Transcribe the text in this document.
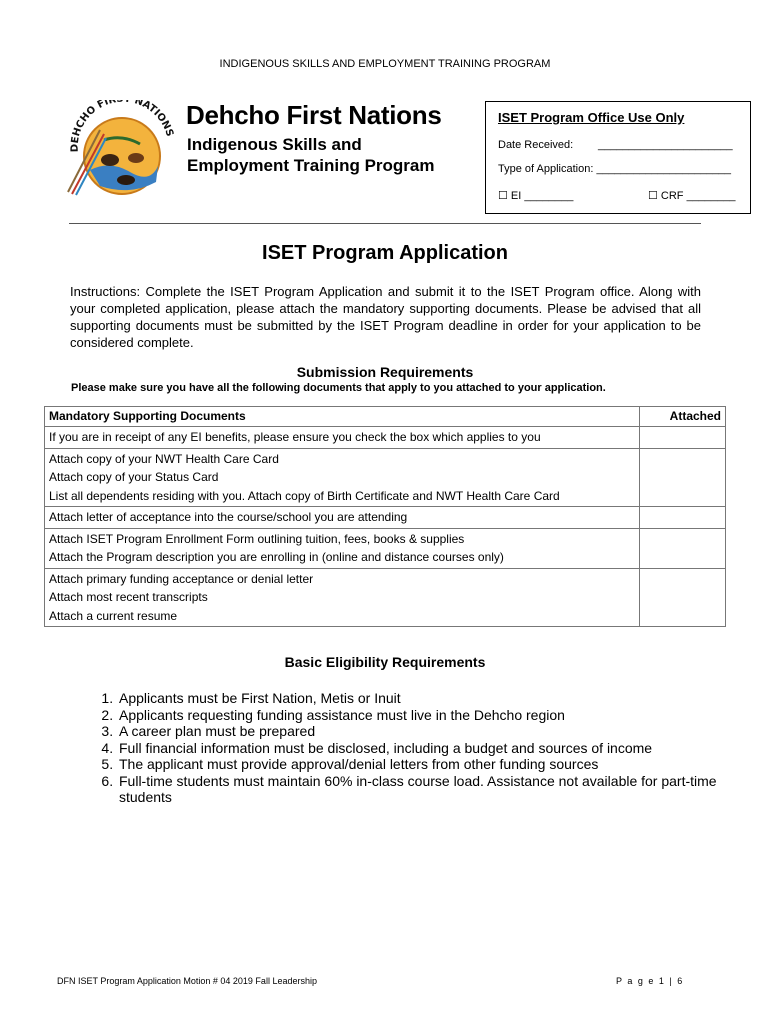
INDIGENOUS SKILLS AND EMPLOYMENT TRAINING PROGRAM
DEHCHO FIR NATIONS
Dehcho First Nations
Indigenous Skills and
Employment Training Program
ISET Program Office Use Only
Date Received: ______________________
Type of Application: ______________________
☐ EI ________	☐ CRF ________
ISET Program Application
Instructions: Complete the ISET Program Application and submit it to the ISET Program office. Along with your completed application, please attach the mandatory supporting documents. Please be advised that all supporting documents must be submitted by the ISET Program deadline in order for your application to be considered complete.
Submission Requirements
Please make sure you have all the following documents that apply to you attached to your application.
Mandatory Supporting Documents	Attached

If you are in receipt of any EI benefits, please ensure you check the box which applies to you	

Attach copy of your NWT Health Care Card
Attach copy of your Status Card
List all dependents residing with you. Attach copy of Birth Certificate and NWT Health Care Card	

Attach letter of acceptance into the course/school you are attending	

Attach ISET Program Enrollment Form outlining tuition, fees, books & supplies
Attach the Program description you are enrolling in (online and distance courses only)	

Attach primary funding acceptance or denial letter
Attach most recent transcripts
Attach a current resume	

Basic Eligibility Requirements
1. Applicants must be First Nation, Metis or Inuit
2. Applicants requesting funding assistance must live in the Dehcho region
3. A career plan must be prepared
4. Full financial information must be disclosed, including a budget and sources of income
5. The applicant must provide approval/denial letters from other funding sources
6. Full-time students must maintain 60% in-class course load. Assistance not available for part-time students
DFN ISET Program Application Motion # 04 2019 Fall Leadership	P a g e 1 | 6
